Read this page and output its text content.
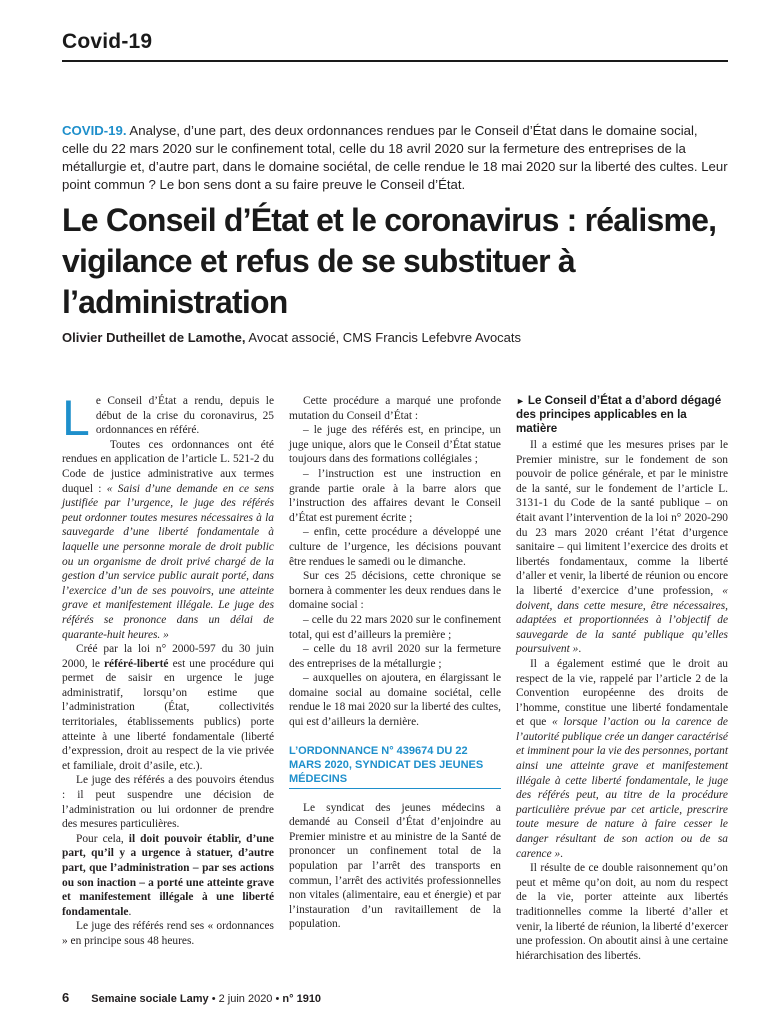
Covid-19
COVID-19. Analyse, d’une part, des deux ordonnances rendues par le Conseil d’État dans le domaine social, celle du 22 mars 2020 sur le confinement total, celle du 18 avril 2020 sur la fermeture des entreprises de la métallurgie et, d’autre part, dans le domaine sociétal, de celle rendue le 18 mai 2020 sur la liberté des cultes. Leur point commun ? Le bon sens dont a su faire preuve le Conseil d’État.
Le Conseil d’État et le coronavirus : réalisme, vigilance et refus de se substituer à l’administration
Olivier Dutheillet de Lamothe, Avocat associé, CMS Francis Lefebvre Avocats

Le Conseil d’État a rendu, depuis le début de la crise du coronavirus, 25 ordonnances en référé.

Toutes ces ordonnances ont été rendues en application de l’article L. 521-2 du Code de justice administrative aux termes duquel : « Saisi d’une demande en ce sens justifiée par l’urgence, le juge des référés peut ordonner toutes mesures nécessaires à la sauvegarde d’une liberté fondamentale à laquelle une personne morale de droit public ou un organisme de droit privé chargé de la gestion d’un service public aurait porté, dans l’exercice d’un de ses pouvoirs, une atteinte grave et manifestement illégale. Le juge des référés se prononce dans un délai de quarante-huit heures. »

Créé par la loi n° 2000-597 du 30 juin 2000, le référé-liberté est une procédure qui permet de saisir en urgence le juge administratif, lorsqu’on estime que l’administration (État, collectivités territoriales, établissements publics) porte atteinte à une liberté fondamentale (liberté d’expression, droit au respect de la vie privée et familiale, droit d’asile, etc.).

Le juge des référés a des pouvoirs étendus : il peut suspendre une décision de l’administration ou lui ordonner de prendre des mesures particulières.

Pour cela, il doit pouvoir établir, d’une part, qu’il y a urgence à statuer, d’autre part, que l’administration – par ses actions ou son inaction – a porté une atteinte grave et manifestement illégale à une liberté fondamentale.

Le juge des référés rend ses « ordonnances » en principe sous 48 heures.

Cette procédure a marqué une profonde mutation du Conseil d’État :

– le juge des référés est, en principe, un juge unique, alors que le Conseil d’État statue toujours dans des formations collégiales ;

– l’instruction est une instruction en grande partie orale à la barre alors que l’instruction des affaires devant le Conseil d’État est purement écrite ;

– enfin, cette procédure a développé une culture de l’urgence, les décisions pouvant être rendues le samedi ou le dimanche.

Sur ces 25 décisions, cette chronique se bornera à commenter les deux rendues dans le domaine social :

– celle du 22 mars 2020 sur le confinement total, qui est d’ailleurs la première ;

– celle du 18 avril 2020 sur la fermeture des entreprises de la métallurgie ;

– auxquelles on ajoutera, en élargissant le domaine social au domaine sociétal, celle rendue le 18 mai 2020 sur la liberté des cultes, qui est d’ailleurs la dernière.

L’ORDONNANCE N° 439674 DU 22 MARS 2020, SYNDICAT DES JEUNES MÉDECINS

Le syndicat des jeunes médecins a demandé au Conseil d’État d’enjoindre au Premier ministre et au ministre de la Santé de prononcer un confinement total de la population par l’arrêt des transports en commun, l’arrêt des activités professionnelles non vitales (alimentaire, eau et énergie) et par l’instauration d’un ravitaillement de la population.

► Le Conseil d’État a d’abord dégagé des principes applicables en la matière

Il a estimé que les mesures prises par le Premier ministre, sur le fondement de son pouvoir de police générale, et par le ministre de la santé, sur le fondement de l’article L. 3131-1 du Code de la santé publique – on était avant l’intervention de la loi n° 2020-290 du 23 mars 2020 créant l’état d’urgence sanitaire – qui limitent l’exercice des droits et libertés fondamentaux, comme la liberté d’aller et venir, la liberté de réunion ou encore la liberté d’exercice d’une profession, « doivent, dans cette mesure, être nécessaires, adaptées et proportionnées à l’objectif de sauvegarde de la santé publique qu’elles poursuivent ».

Il a également estimé que le droit au respect de la vie, rappelé par l’article 2 de la Convention européenne des droits de l’homme, constitue une liberté fondamentale et que « lorsque l’action ou la carence de l’autorité publique crée un danger caractérisé et imminent pour la vie des personnes, portant ainsi une atteinte grave et manifestement illégale à cette liberté fondamentale, le juge des référés peut, au titre de la procédure particulière prévue par cet article, prescrire toute mesure de nature à faire cesser le danger résultant de son action ou de sa carence ».

Il résulte de ce double raisonnement qu’on peut et même qu’on doit, au nom du respect de la vie, porter atteinte aux libertés traditionnelles comme la liberté d’aller et venir, la liberté de réunion, la liberté d’exercer une profession. On aboutit ainsi à une certaine hiérarchisation des libertés.

6 Semaine sociale Lamy • 2 juin 2020 • n° 1910
